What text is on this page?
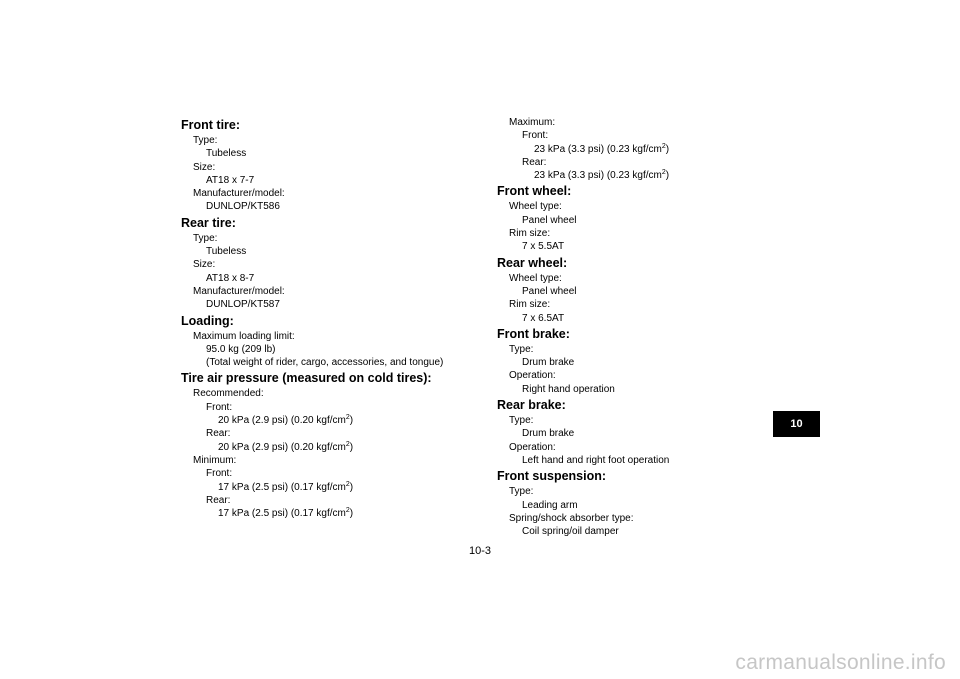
Front tire:
Type:
Tubeless
Size:
AT18 x 7-7
Manufacturer/model:
DUNLOP/KT586
Rear tire:
Type:
Tubeless
Size:
AT18 x 8-7
Manufacturer/model:
DUNLOP/KT587
Loading:
Maximum loading limit:
95.0 kg (209 lb)
(Total weight of rider, cargo, accessories, and tongue)
Tire air pressure (measured on cold tires):
Recommended:
Front:
20 kPa (2.9 psi) (0.20 kgf/$cm^2$)
Rear:
20 kPa (2.9 psi) (0.20 kgf/$cm^2$)
Minimum:
Front:
17 kPa (2.5 psi) (0.17 kgf/$cm^2$)
Rear:
17 kPa (2.5 psi) (0.17 kgf/$cm^2$)
Maximum:
Front:
23 kPa (3.3 psi) (0.23 kgf/$cm^2$)
Rear:
23 kPa (3.3 psi) (0.23 kgf/$cm^2$)
Front wheel:
Wheel type:
Panel wheel
Rim size:
7 x 5.5AT
Rear wheel:
Wheel type:
Panel wheel
Rim size:
7 x 6.5AT
Front brake:
Type:
Drum brake
Operation:
Right hand operation
Rear brake:
Type:
Drum brake
Operation:
Left hand and right foot operation
Front suspension:
Type:
Leading arm
Spring/shock absorber type:
Coil spring/oil damper
10
10-3
carmanualsonline.info
